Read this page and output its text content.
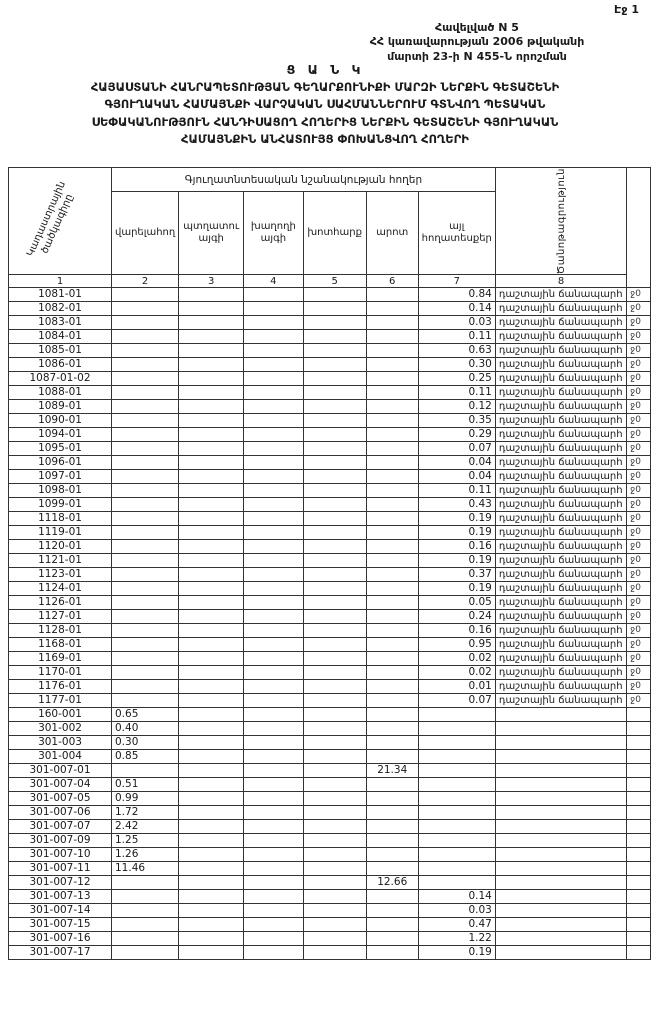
Էջ 1
Հավելված N 5
ՀՀ կառավարության 2006 թվականի
մարտի 23-ի N 455-Ն որոշման
Ց Ա Ն Կ
ՀԱՅԱՍՏԱՆԻ ՀԱՆՐԱՊԵՏՈՒԹՅԱՆ ԳԵՂԱՐՔՈՒՆԻՔԻ ՄԱՐԶԻ ՆԵՐՔԻՆ ԳԵՏԱՇԵՆԻ
ԳՅՈՒՂԱԿԱՆ ՀԱՄԱՅՆՔԻ ՎԱՐՉԱԿԱՆ ՍԱՀՄԱՆՆԵՐՈՒՄ ԳՏՆՎՈՂ ՊԵՏԱԿԱՆ
ՍԵՓԱԿԱՆՈՒԹՅՈՒՆ ՀԱՆԴԻՍԱՑՈՂ ՀՈՂԵՐԻՑ ՆԵՐՔԻՆ ԳԵՏԱՇԵՆԻ ԳՅՈՒՂԱԿԱՆ
ՀԱՄԱՅՆՔԻՆ ԱՆՀԱՏՈՒՅՑ ՓՈԽԱՆՑՎՈՂ ՀՈՂԵՐԻ
Կադաստրային ծածկագիրը	Գյուղատնտեսական նշանակության հողեր						Ծանոթագրություն	

	վարելահող	պտղատու այգի	խաղողի այգի	խոտհարք	արոտ	այլ հողատեսքեր		
1	2	3	4	5	6	7	8	
1081-01						0.84	դաշտային ճանապարհ	ջ0
1082-01						0.14	դաշտային ճանապարհ	ջ0
1083-01						0.03	դաշտային ճանապարհ	ջ0
1084-01						0.11	դաշտային ճանապարհ	ջ0
1085-01						0.63	դաշտային ճանապարհ	ջ0
1086-01						0.30	դաշտային ճանապարհ	ջ0
1087-01-02						0.25	դաշտային ճանապարհ	ջ0
1088-01						0.11	դաշտային ճանապարհ	ջ0
1089-01						0.12	դաշտային ճանապարհ	ջ0
1090-01						0.35	դաշտային ճանապարհ	ջ0
1094-01						0.29	դաշտային ճանապարհ	ջ0
1095-01						0.07	դաշտային ճանապարհ	ջ0
1096-01						0.04	դաշտային ճանապարհ	ջ0
1097-01						0.04	դաշտային ճանապարհ	ջ0
1098-01						0.11	դաշտային ճանապարհ	ջ0
1099-01						0.43	դաշտային ճանապարհ	ջ0
1118-01						0.19	դաշտային ճանապարհ	ջ0
1119-01						0.19	դաշտային ճանապարհ	ջ0
1120-01						0.16	դաշտային ճանապարհ	ջ0
1121-01						0.19	դաշտային ճանապարհ	ջ0
1123-01						0.37	դաշտային ճանապարհ	ջ0
1124-01						0.19	դաշտային ճանապարհ	ջ0
1126-01						0.05	դաշտային ճանապարհ	ջ0
1127-01						0.24	դաշտային ճանապարհ	ջ0
1128-01						0.16	դաշտային ճանապարհ	ջ0
1168-01						0.95	դաշտային ճանապարհ	ջ0
1169-01						0.02	դաշտային ճանապարհ	ջ0
1170-01						0.02	դաշտային ճանապարհ	ջ0
1176-01						0.01	դաշտային ճանապարհ	ջ0
1177-01						0.07	դաշտային ճանապարհ	ջ0
160-001	0.65							
301-002	0.40							
301-003	0.30							
301-004	0.85							
301-007-01					21.34			
301-007-04	0.51							
301-007-05	0.99							
301-007-06	1.72							
301-007-07	2.42							
301-007-09	1.25							
301-007-10	1.26							
301-007-11	11.46							
301-007-12					12.66			
301-007-13						0.14		
301-007-14						0.03		
301-007-15						0.47		
301-007-16						1.22		
301-007-17						0.19		
